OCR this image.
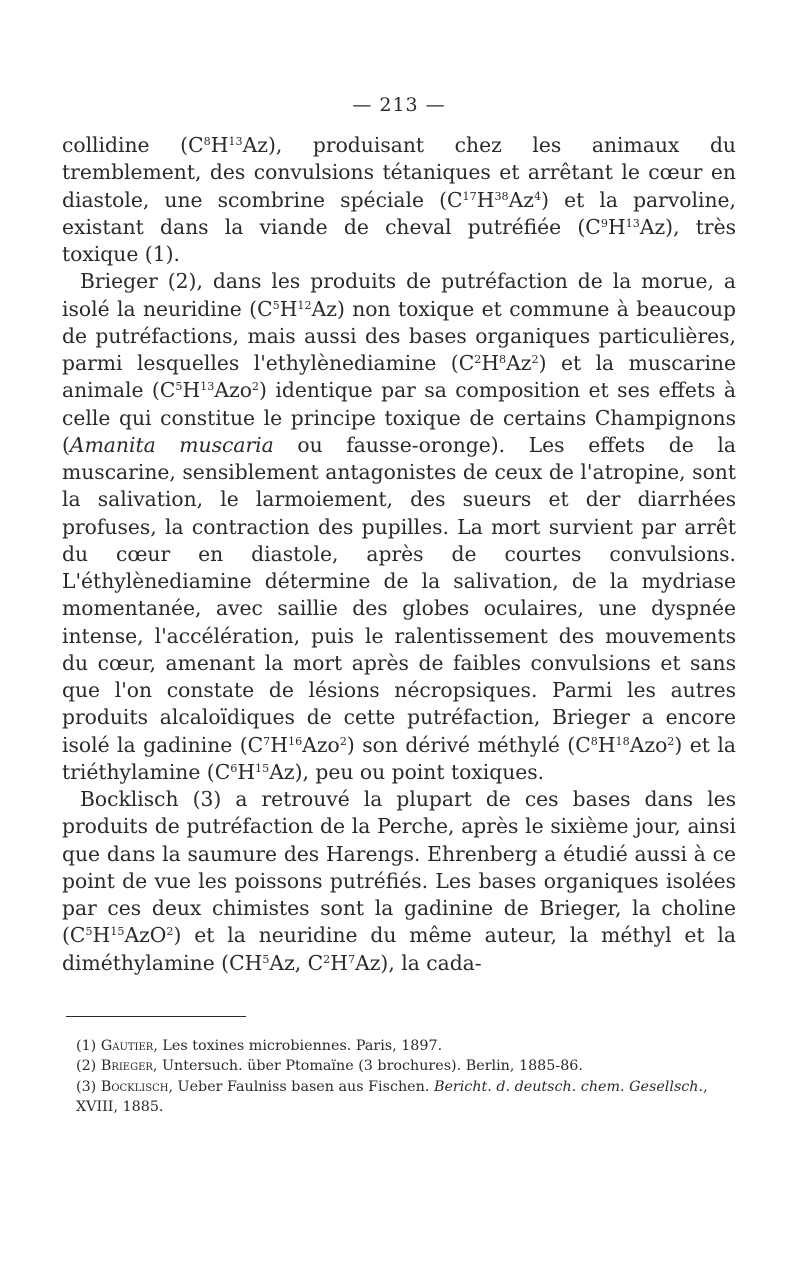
— 213 —

collidine $(C^8H^{13}Az)$, produisant chez les animaux du tremblement, des convulsions tétaniques et arrêtant le cœur en diastole, une scombrine spéciale $(C^{17}H^{38}Az^4)$ et la parvoline, existant dans la viande de cheval putréfiée $(C^9H^{13}Az)$, très toxique (1).

Brieger (2), dans les produits de putréfaction de la morue, a isolé la neuridine $(C^5H^{12}Az)$ non toxique et commune à beaucoup de putréfactions, mais aussi des bases organiques particulières, parmi lesquelles l'ethylènediamine $(C^2H^8Az^2)$ et la muscarine animale $(C^5H^{13}Azo^2)$ identique par sa composition et ses effets à celle qui constitue le principe toxique de certains Champignons (Amanita muscaria ou fausse-oronge). Les effets de la muscarine, sensiblement antagonistes de ceux de l'atropine, sont la salivation, le larmoiement, des sueurs et der diarrhées profuses, la contraction des pupilles. La mort survient par arrêt du cœur en diastole, après de courtes convulsions. L'éthylènediamine détermine de la salivation, de la mydriase momentanée, avec saillie des globes oculaires, une dyspnée intense, l'accélération, puis le ralentissement des mouvements du cœur, amenant la mort après de faibles convulsions et sans que l'on constate de lésions nécropsiques. Parmi les autres produits alcaloïdiques de cette putréfaction, Brieger a encore isolé la gadinine $(C^7H^{16}Azo^2)$ son dérivé méthylé $(C^8H^{18}Azo^2)$ et la triéthylamine $(C^6H^{15}Az)$, peu ou point toxiques.

Bocklisch (3) a retrouvé la plupart de ces bases dans les produits de putréfaction de la Perche, après le sixième jour, ainsi que dans la saumure des Harengs. Ehrenberg a étudié aussi à ce point de vue les poissons putréfiés. Les bases organiques isolées par ces deux chimistes sont la gadinine de Brieger, la choline $(C^5H^{15}AzO^2)$ et la neuridine du même auteur, la méthyl et la diméthylamine ($CH^5Az$, $C^2H^7Az$), la cada-

(1) Gautier, Les toxines microbiennes. Paris, 1897.

(2) Brieger, Untersuch. über Ptomaïne (3 brochures). Berlin, 1885-86.

(3) Bocklisch, Ueber Faulniss basen aus Fischen. Bericht. d. deutsch. chem. Gesellsch., XVIII, 1885.
